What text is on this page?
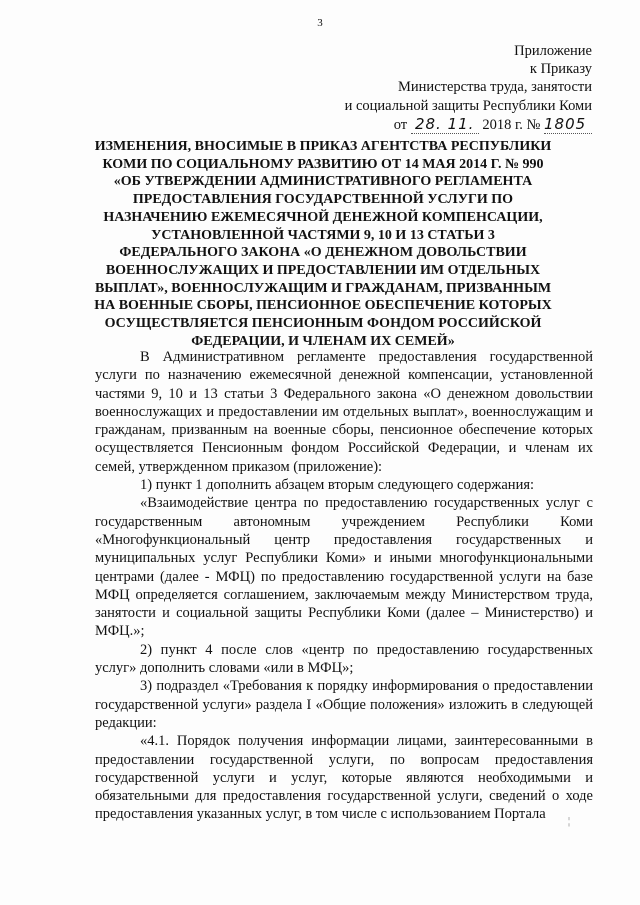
3
Приложение
к Приказу
Министерства труда, занятости
и социальной защиты Республики Коми
от 28. 11. 2018 г. № 1805
ИЗМЕНЕНИЯ, ВНОСИМЫЕ В ПРИКАЗ АГЕНТСТВА РЕСПУБЛИКИ КОМИ ПО СОЦИАЛЬНОМУ РАЗВИТИЮ ОТ 14 МАЯ 2014 Г. № 990 «ОБ УТВЕРЖДЕНИИ АДМИНИСТРАТИВНОГО РЕГЛАМЕНТА ПРЕДОСТАВЛЕНИЯ ГОСУДАРСТВЕННОЙ УСЛУГИ ПО НАЗНАЧЕНИЮ ЕЖЕМЕСЯЧНОЙ ДЕНЕЖНОЙ КОМПЕНСАЦИИ, УСТАНОВЛЕННОЙ ЧАСТЯМИ 9, 10 И 13 СТАТЬИ 3 ФЕДЕРАЛЬНОГО ЗАКОНА «О ДЕНЕЖНОМ ДОВОЛЬСТВИИ ВОЕННОСЛУЖАЩИХ И ПРЕДОСТАВЛЕНИИ ИМ ОТДЕЛЬНЫХ ВЫПЛАТ», ВОЕННОСЛУЖАЩИМ И ГРАЖДАНАМ, ПРИЗВАННЫМ НА ВОЕННЫЕ СБОРЫ, ПЕНСИОННОЕ ОБЕСПЕЧЕНИЕ КОТОРЫХ ОСУЩЕСТВЛЯЕТСЯ ПЕНСИОННЫМ ФОНДОМ РОССИЙСКОЙ ФЕДЕРАЦИИ, И ЧЛЕНАМ ИХ СЕМЕЙ»

В Административном регламенте предоставления государственной услуги по назначению ежемесячной денежной компенсации, установленной частями 9, 10 и 13 статьи 3 Федерального закона «О денежном довольствии военнослужащих и предоставлении им отдельных выплат», военнослужащим и гражданам, призванным на военные сборы, пенсионное обеспечение которых осуществляется Пенсионным фондом Российской Федерации, и членам их семей, утвержденном приказом (приложение):

1) пункт 1 дополнить абзацем вторым следующего содержания:

«Взаимодействие центра по предоставлению государственных услуг с государственным автономным учреждением Республики Коми «Многофункциональный центр предоставления государственных и муниципальных услуг Республики Коми» и иными многофункциональными центрами (далее - МФЦ) по предоставлению государственной услуги на базе МФЦ определяется соглашением, заключаемым между Министерством труда, занятости и социальной защиты Республики Коми (далее – Министерство) и МФЦ.»;

2) пункт 4 после слов «центр по предоставлению государственных услуг» дополнить словами «или в МФЦ»;

3) подраздел «Требования к порядку информирования о предоставлении государственной услуги» раздела I «Общие положения» изложить в следующей редакции:

«4.1. Порядок получения информации лицами, заинтересованными в предоставлении государственной услуги, по вопросам предоставления государственной услуги и услуг, которые являются необходимыми и обязательными для предоставления государственной услуги, сведений о ходе предоставления указанных услуг, в том числе с использованием Портала	¦
